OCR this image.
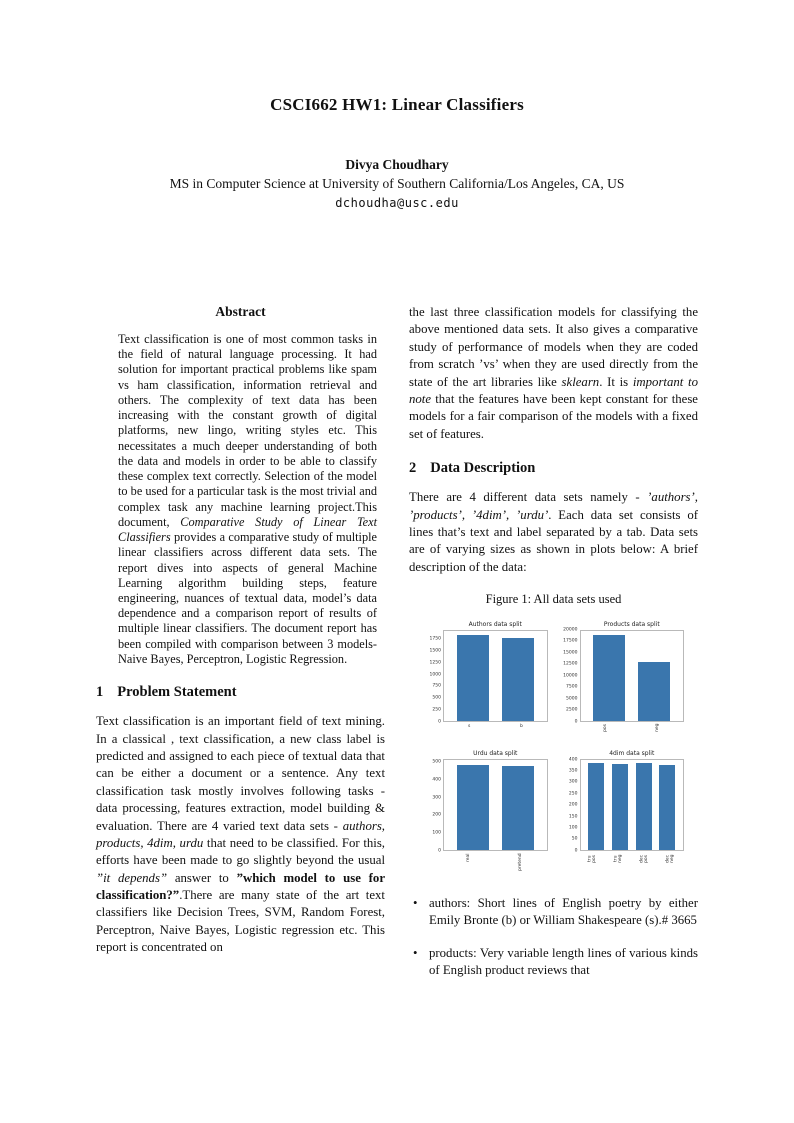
CSCI662 HW1: Linear Classifiers
Divya Choudhary
MS in Computer Science at University of Southern California/Los Angeles, CA, US
dchoudha@usc.edu
Abstract
Text classification is one of most common tasks in the field of natural language processing. It had solution for important practical problems like spam vs ham classification, information retrieval and others. The complexity of text data has been increasing with the constant growth of digital platforms, new lingo, writing styles etc. This necessitates a much deeper understanding of both the data and models in order to be able to classify these complex text correctly. Selection of the model to be used for a particular task is the most trivial and complex task any machine learning project.This document, Comparative Study of Linear Text Classifiers provides a comparative study of multiple linear classifiers across different data sets. The report dives into aspects of general Machine Learning algorithm building steps, feature engineering, nuances of textual data, model’s data dependence and a comparison report of results of multiple linear classifiers. The document report has been compiled with comparison between 3 models- Naive Bayes, Perceptron, Logistic Regression.
1 Problem Statement
Text classification is an important field of text mining. In a classical , text classification, a new class label is predicted and assigned to each piece of textual data that can be either a document or a sentence. Any text classification task mostly involves following tasks - data processing, features extraction, model building & evaluation. There are 4 varied text data sets - authors, products, 4dim, urdu that need to be classified. For this, efforts have been made to go slightly beyond the usual ”it depends” answer to ”which model to use for classification?”.There are many state of the art text classifiers like Decision Trees, SVM, Random Forest, Perceptron, Naive Bayes, Logistic regression etc. This report is concentrated on
the last three classification models for classifying the above mentioned data sets. It also gives a comparative study of performance of models when they are coded from scratch ’vs’ when they are used directly from the state of the art libraries like sklearn. It is important to note that the features have been kept constant for these models for a fair comparison of the models with a fixed set of features.
2 Data Description
There are 4 different data sets namely - ’authors’, ’products’, ’4dim’, ’urdu’. Each data set consists of lines that’s text and label separated by a tab. Data sets are of varying sizes as shown in plots below: A brief description of the data:
Figure 1: All data sets used
Authors data split
0
250
500
750
1000
1250
1500
1750
s	b
Products data split
0
2500
5000
7500
10000
12500
15000
17500
20000
pos	neg
Urdu data split
0
100
200
300
400
500
real	pretend
4dim data split
0
50
100
150
200
250
300
350
400
tru pos	tru neg	dec pos	dec neg
• authors: Short lines of English poetry by either Emily Bronte (b) or William Shakespeare (s).# 3665
• products: Very variable length lines of various kinds of English product reviews that
